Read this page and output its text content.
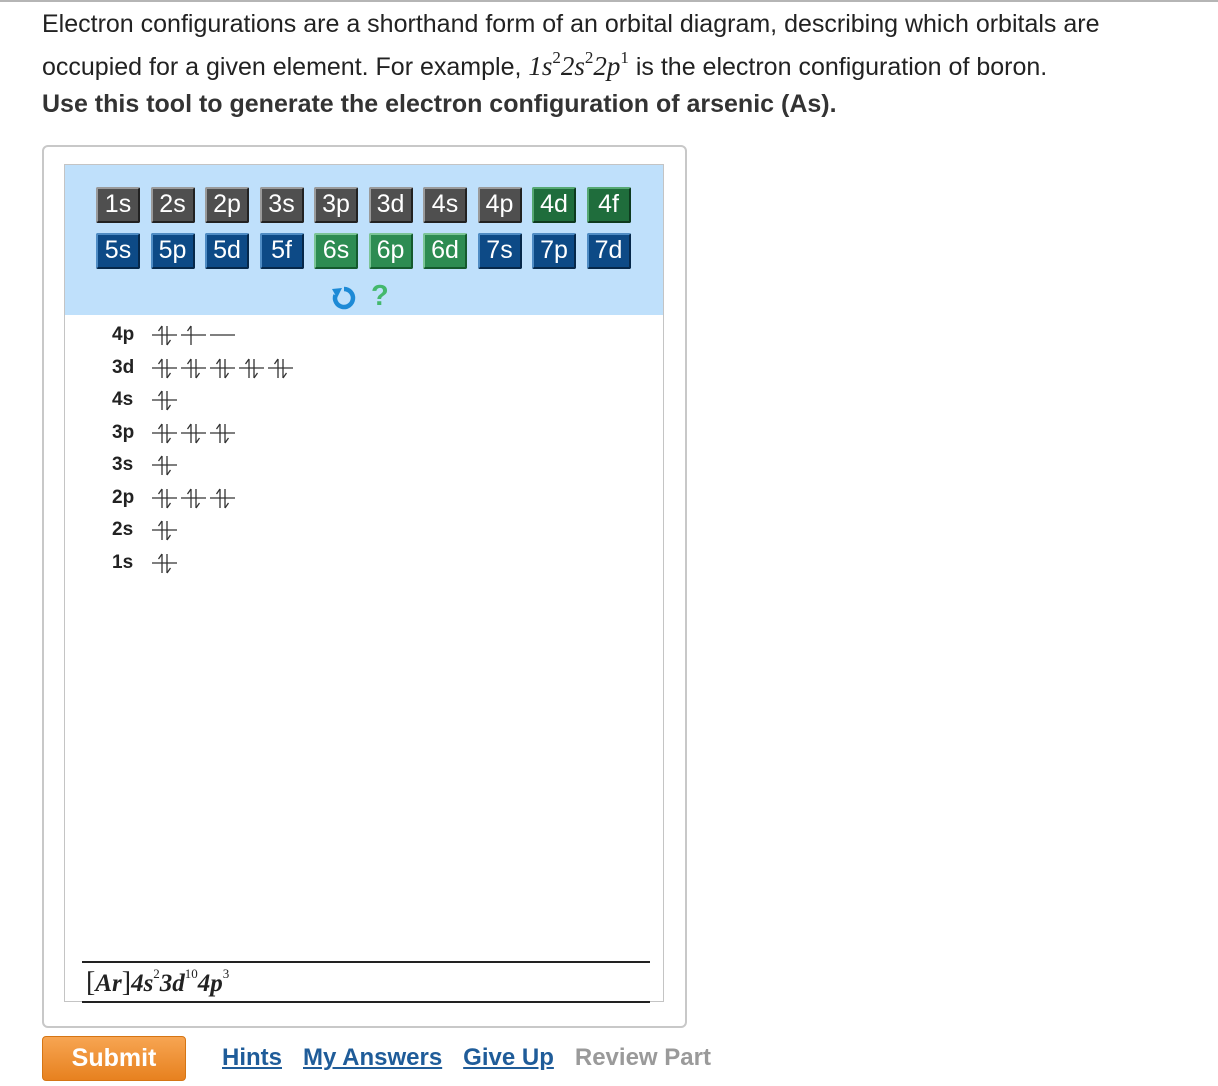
Electron configurations are a shorthand form of an orbital diagram, describing which orbitals are

occupied for a given element. For example, $1s^22s^22p^1$ is the electron configuration of boron.

Use this tool to generate the electron configuration of arsenic (As).
1s	2s	2p	3s	3p	3d	4s	4p	4d	4f
5s	5p	5d	5f	6s	6p	6d	7s	7p	7d
?
4p
3d
4s
3p
3s
2p
2s
1s
$[Ar]4s^23d^{10}4p^3$
Submit	Hints My Answers Give Up Review Part
